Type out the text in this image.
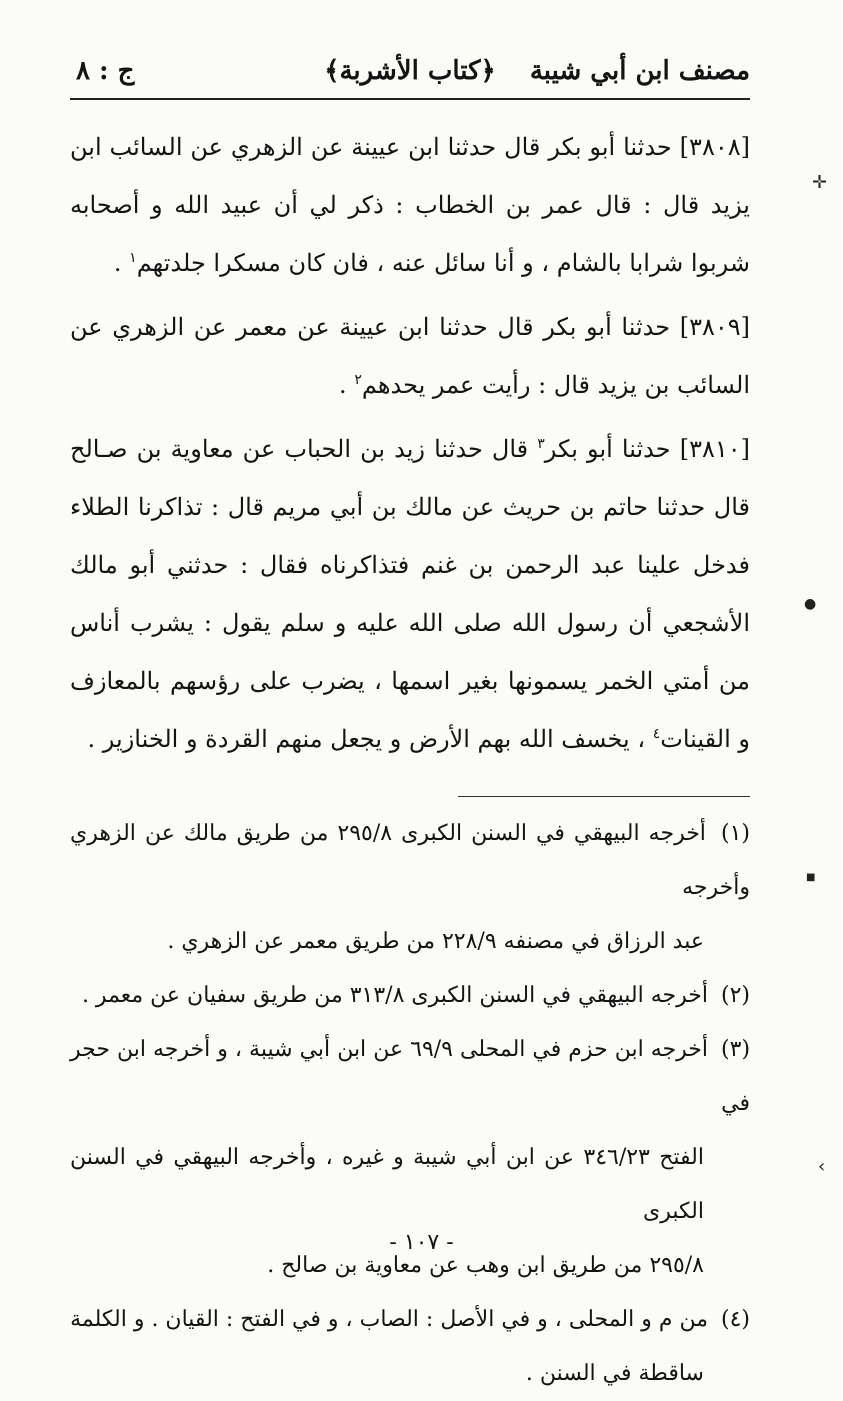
مصنف ابن أبي شيبة
﴿كتاب الأشربة﴾
ج : ٨

[٣٨٠٨] حدثنا أبو بكر قال حدثنا ابن عيينة عن الزهري عن السائب ابن يزيد قال : قال عمر بن الخطاب : ذكر لي أن عبيد الله و أصحابه شربوا شرابا بالشام ، و أنا سائل عنه ، فان كان مسكرا جلدتهم$^١$ .

[٣٨٠٩] حدثنا أبو بكر قال حدثنا ابن عيينة عن معمر عن الزهري عن السائب بن يزيد قال : رأيت عمر يحدهم$^٢$ .

[٣٨١٠] حدثنا أبو بكر$^٣$ قال حدثنا زيد بن الحباب عن معاوية بن صـالح قال حدثنا حاتم بن حريث عن مالك بن أبي مريم قال : تذاكرنا الطلاء فدخل علينا عبد الرحمن بن غنم فتذاكرناه فقال : حدثني أبو مالك الأشجعي أن رسول الله صلى الله عليه و سلم يقول : يشرب أناس من أمتي الخمر يسمونها بغير اسمها ، يضرب على رؤسهم بالمعازف و القينات$^٤$ ، يخسف الله بهم الأرض و يجعل منهم القردة و الخنازير .

(١) أخرجه البيهقي في السنن الكبرى ٢٩٥/٨ من طريق مالك عن الزهري وأخرجه
عبد الرزاق في مصنفه ٢٢٨/٩ من طريق معمر عن الزهري .

(٢) أخرجه البيهقي في السنن الكبرى ٣١٣/٨ من طريق سفيان عن معمر .

(٣) أخرجه ابن حزم في المحلى ٦٩/٩ عن ابن أبي شيبة ، و أخرجه ابن حجر في
الفتح ٣٤٦/٢٣ عن ابن أبي شيبة و غيره ، وأخرجه البيهقي في السنن الكبرى
٢٩٥/٨ من طريق ابن وهب عن معاوية بن صالح .

(٤) من م و المحلى ، و في الأصل : الصاب ، و في الفتح : القيان . و الكلمة
ساقطة في السنن .

- ١٠٧ -
✛
●
■
‹
